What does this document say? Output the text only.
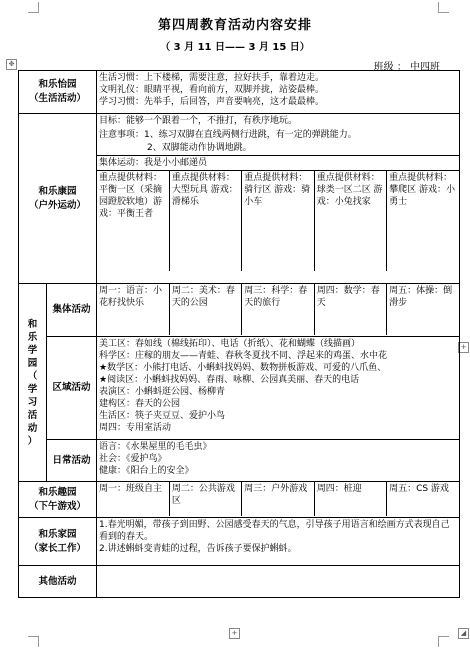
✥
+
+	◢
第四周教育活动内容安排
（ 3 月 11 日—— 3 月 15 日）
班级 ： 中四班
和乐怡园
（生活活动）

生活习惯：上下楼梯，需要注意，拉好扶手，靠着边走。
文明礼仪：眼睛平视，看向前方，双脚并拢，站姿最棒。
学习习惯：先举手，后回答，声音要响亮，这才最最棒。

和乐康园
（户外运动）

目标：能够一个跟着一个，不推打，有秩序地玩。
注意事项：1、练习双脚在直线两侧行进跳，有一定的弹跳能力。
2、双脚能动作协调地跳。
集体运动：我是小小邮递员
重点提供材料：平衡一区（采摘园蹬胶软地）游戏：平衡王者	重点提供材料：大型玩具 游戏：滑梯乐	重点提供材料：骑行区 游戏：骑小车	重点提供材料：球类一区二区 游戏：小兔找家	重点提供材料：攀爬区 游戏：小勇士

和
乐
学
园
（
学
习
活
动
）
	集体活动	
周一：语言：小花籽找快乐	周二：美术：春天的公园	周三：科学：春天的旅行	周四：数学：春天	周五：体操：倒滑步

区域活动	
美工区：春如线（棉线拓印）、电话（折纸）、花和蝴蝶（线描画）
科学区：庄稼的朋友——青蛙、春秋冬夏找不同、浮起来的鸡蛋、水中花
★数学区：小熊打电话、小蝌蚪找妈妈、数物拼板游戏、可爱的八爪鱼、
★阅读区：小蝌蚪找妈妈、春雨、咏柳、公园真美丽、春天的电话
表演区：小蝌蚪逛公园、杨柳青
建构区：春天的公园
生活区：筷子夹豆豆、爱护小鸟
周四：专用室活动

日常活动	
语言：《水果屋里的毛毛虫》
社会：《爱护鸟》
健康：《阳台上的安全》

和乐趣园
（下午游戏）

周一：班级自主	周二：公共游戏区	周三：户外游戏	周四：桩迎	周五：CS 游戏

和乐家园
（家长工作）

1.春光明媚，带孩子到田野、公园感受春天的气息，引导孩子用语言和绘画方式表现自己看到的春天。
2.讲述蝌蚪变青蛙的过程，告诉孩子要保护蝌蚪。

其他活动	
